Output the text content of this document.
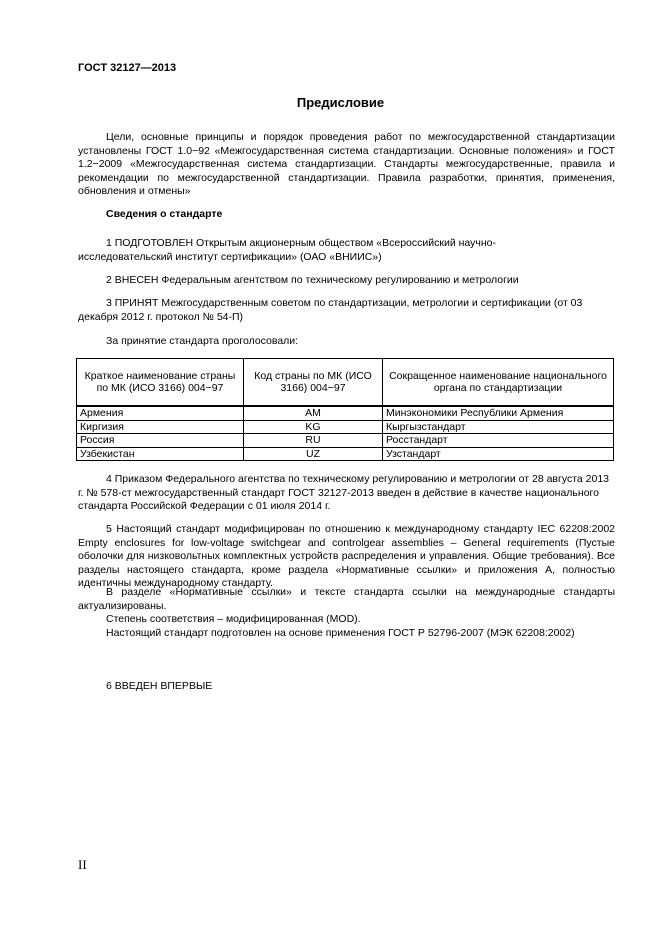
ГОСТ 32127—2013
Предисловие
Цели, основные принципы и порядок проведения работ по межгосударственной стандартизации установлены ГОСТ 1.0−92 «Межгосударственная система стандартизации. Основные положения» и ГОСТ 1.2−2009 «Межгосударственная система стандартизации. Стандарты межгосударственные, правила и рекомендации по межгосударственной стандартизации. Правила разработки, принятия, применения, обновления и отмены»
Сведения о стандарте
1 ПОДГОТОВЛЕН Открытым акционерным обществом «Всероссийский научно-исследовательский институт сертификации» (ОАО «ВНИИС»)
2 ВНЕСЕН Федеральным агентством по техническому регулированию и метрологии
3 ПРИНЯТ Межгосударственным советом по стандартизации, метрологии и сертификации (от 03 декабря 2012 г. протокол № 54-П)
За принятие стандарта проголосовали:
Краткое наименование страны по МК (ИСО 3166) 004−97	Код страны по МК (ИСО 3166) 004−97	Сокращенное наименование национального органа по стандартизации
Армения	AM	Минэкономики Республики Армения
Киргизия	KG	Кыргызстандарт
Россия	RU	Росстандарт
Узбекистан	UZ	Узстандарт
4 Приказом Федерального агентства по техническому регулированию и метрологии от 28 августа 2013 г. № 578-ст межгосударственный стандарт ГОСТ 32127-2013 введен в действие в качестве национального стандарта Российской Федерации с 01 июля 2014 г.
5 Настоящий стандарт модифицирован по отношению к международному стандарту IEC 62208:2002 Empty enclosures for low-voltage switchgear and controlgear assemblies – General requirements (Пустые оболочки для низковольтных комплектных устройств распределения и управления. Общие требования). Все разделы настоящего стандарта, кроме раздела «Нормативные ссылки» и приложения А, полностью идентичны международному стандарту.
В разделе «Нормативные ссылки» и тексте стандарта ссылки на международные стандарты актуализированы.
Степень соответствия – модифицированная (MOD).
Настоящий стандарт подготовлен на основе применения ГОСТ Р 52796-2007 (МЭК 62208:2002)
6 ВВЕДЕН ВПЕРВЫЕ
II
